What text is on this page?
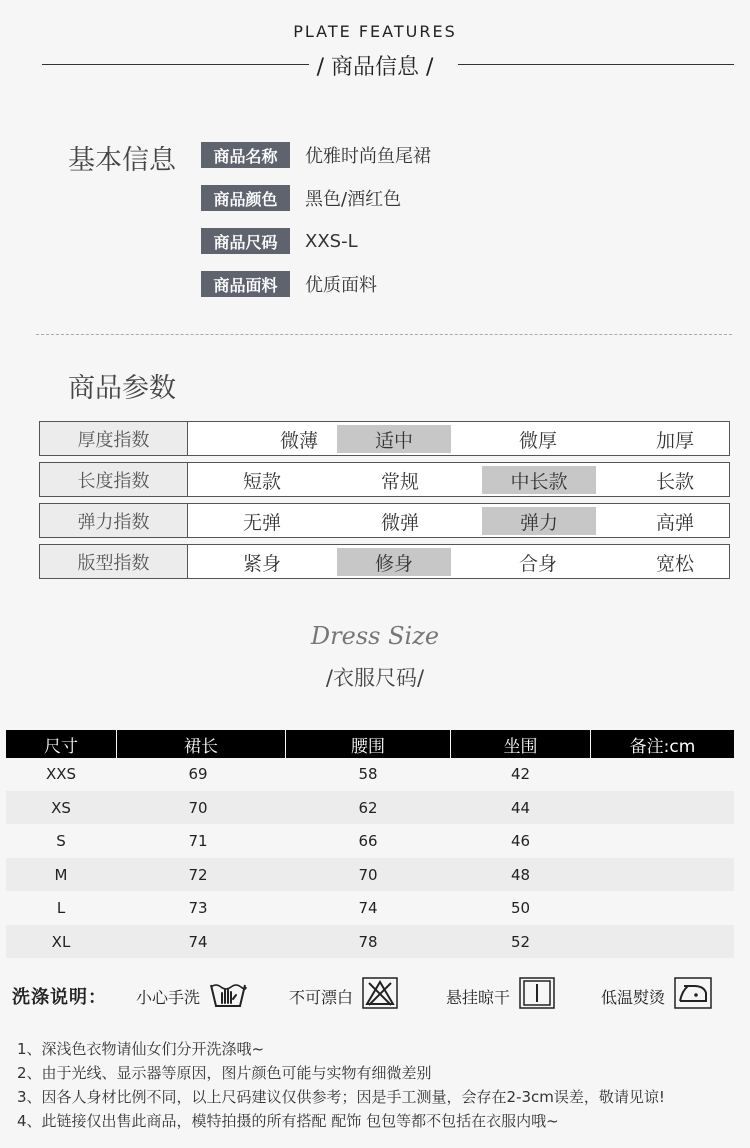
PLATE FEATURES
/ 商品信息 /
基本信息	商品名称	优雅时尚鱼尾裙
商品颜色	黑色/酒红色
商品尺码	XXS-L
商品面料	优质面料
商品参数
厚度指数	微薄	适中	微厚	加厚
长度指数	短款	常规	中长款	长款
弹力指数	无弹	微弹	弹力	高弹
版型指数	紧身	修身	合身	宽松
Dress Size
/衣服尺码/
尺寸	裙长	腰围	坐围	备注:cm
XXS	69	58	42
XS	70	62	44
S	71	66	46
M	72	70	48
L	73	74	50
XL	74	78	52
洗涤说明： 小心手洗	不可漂白	悬挂晾干	低温熨烫
1、深浅色衣物请仙女们分开洗涤哦~
2、由于光线、显示器等原因，图片颜色可能与实物有细微差别
3、因各人身材比例不同，以上尺码建议仅供参考；因是手工测量，会存在2-3cm误差，敬请见谅!
4、此链接仅出售此商品，模特拍摄的所有搭配 配饰 包包等都不包括在衣服内哦~
